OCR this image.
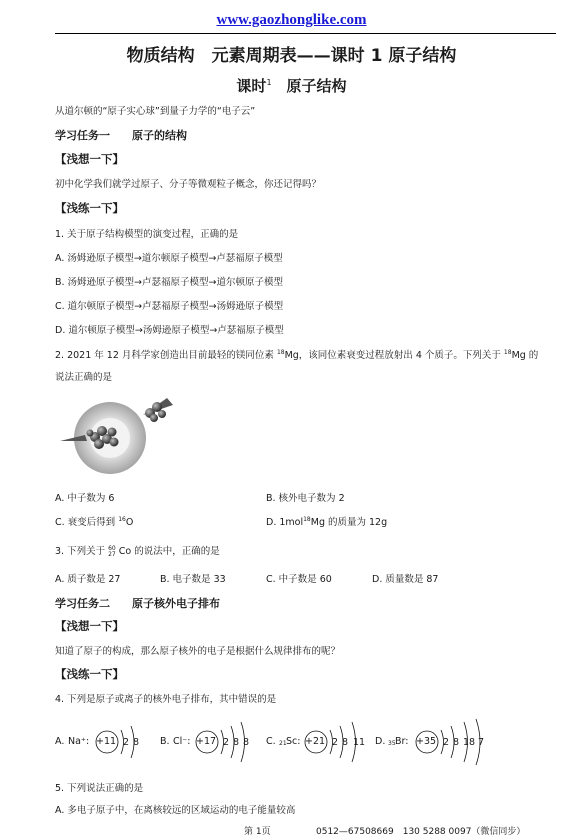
www.gaozhonglike.com
物质结构　元素周期表——课时 1 原子结构
课时$^1$　 原子结构
从道尔顿的“原子实心球”到量子力学的“电子云”
学习任务一　　原子的结构
【浅想一下】
初中化学我们就学过原子、分子等微观粒子概念，你还记得吗？
【浅练一下】
1. 关于原子结构模型的演变过程，正确的是
A. 汤姆逊原子模型→道尔顿原子模型→卢瑟福原子模型
B. 汤姆逊原子模型→卢瑟福原子模型→道尔顿原子模型
C. 道尔顿原子模型→卢瑟福原子模型→汤姆逊原子模型
D. 道尔顿原子模型→汤姆逊原子模型→卢瑟福原子模型
2. 2021 年 12 月科学家创造出目前最轻的镁同位素 $^{18}$Mg，该同位素衰变过程放射出 4 个质子。下列关于 $^{18}$Mg 的
说法正确的是
A. 中子数为 6	B. 核外电子数为 2
C. 衰变后得到 $^{16}$O	D. 1mol$^{18}$Mg 的质量为 12g
3. 下列关于 60
27 Co 的说法中，正确的是
A. 质子数是 27	B. 电子数是 33	C. 中子数是 60	D. 质量数是 87
学习任务二　　原子核外电子排布
【浅想一下】
知道了原子的构成，那么原子核外的电子是根据什么规律排布的呢？
【浅练一下】
4. 下列是原子或离子的核外电子排布，其中错误的是
A. Na⁺: +11 2 8 B. Cl⁻: +17 2 8 8 C. 21 Sc: +21 2 8 11 D. 35 Br: +35 2 8 18 7
5. 下列说法正确的是
A. 多电子原子中，在离核较远的区域运动的电子能量较高
第 1页	0512—67508669　130 5288 0097（微信同步）
